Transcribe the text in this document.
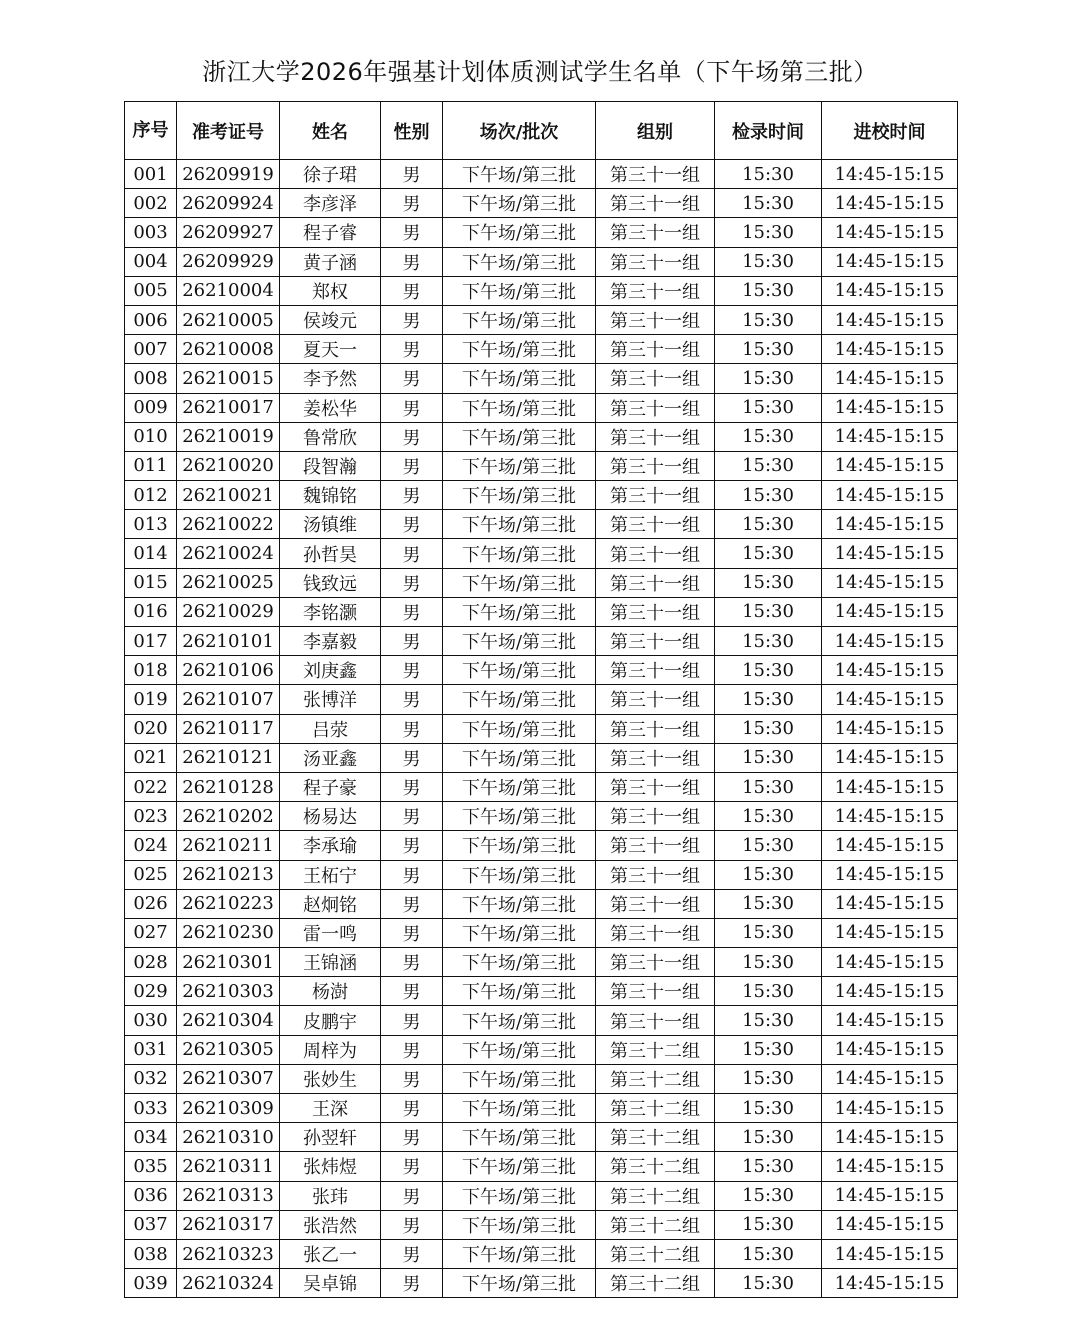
浙江大学2026年强基计划体质测试学生名单（下午场第三批）
序号	准考证号	姓名	性别	场次/批次	组别	检录时间	进校时间
001	26209919	徐子珺	男	下午场/第三批	第三十一组	15:30	14:45-15:15
002	26209924	李彦泽	男	下午场/第三批	第三十一组	15:30	14:45-15:15
003	26209927	程子睿	男	下午场/第三批	第三十一组	15:30	14:45-15:15
004	26209929	黄子涵	男	下午场/第三批	第三十一组	15:30	14:45-15:15
005	26210004	郑权	男	下午场/第三批	第三十一组	15:30	14:45-15:15
006	26210005	侯竣元	男	下午场/第三批	第三十一组	15:30	14:45-15:15
007	26210008	夏天一	男	下午场/第三批	第三十一组	15:30	14:45-15:15
008	26210015	李予然	男	下午场/第三批	第三十一组	15:30	14:45-15:15
009	26210017	姜松华	男	下午场/第三批	第三十一组	15:30	14:45-15:15
010	26210019	鲁常欣	男	下午场/第三批	第三十一组	15:30	14:45-15:15
011	26210020	段智瀚	男	下午场/第三批	第三十一组	15:30	14:45-15:15
012	26210021	魏锦铭	男	下午场/第三批	第三十一组	15:30	14:45-15:15
013	26210022	汤镇维	男	下午场/第三批	第三十一组	15:30	14:45-15:15
014	26210024	孙哲昊	男	下午场/第三批	第三十一组	15:30	14:45-15:15
015	26210025	钱致远	男	下午场/第三批	第三十一组	15:30	14:45-15:15
016	26210029	李铭灏	男	下午场/第三批	第三十一组	15:30	14:45-15:15
017	26210101	李嘉毅	男	下午场/第三批	第三十一组	15:30	14:45-15:15
018	26210106	刘庚鑫	男	下午场/第三批	第三十一组	15:30	14:45-15:15
019	26210107	张博洋	男	下午场/第三批	第三十一组	15:30	14:45-15:15
020	26210117	吕荥	男	下午场/第三批	第三十一组	15:30	14:45-15:15
021	26210121	汤亚鑫	男	下午场/第三批	第三十一组	15:30	14:45-15:15
022	26210128	程子豪	男	下午场/第三批	第三十一组	15:30	14:45-15:15
023	26210202	杨易达	男	下午场/第三批	第三十一组	15:30	14:45-15:15
024	26210211	李承瑜	男	下午场/第三批	第三十一组	15:30	14:45-15:15
025	26210213	王柘宁	男	下午场/第三批	第三十一组	15:30	14:45-15:15
026	26210223	赵炯铭	男	下午场/第三批	第三十一组	15:30	14:45-15:15
027	26210230	雷一鸣	男	下午场/第三批	第三十一组	15:30	14:45-15:15
028	26210301	王锦涵	男	下午场/第三批	第三十一组	15:30	14:45-15:15
029	26210303	杨澍	男	下午场/第三批	第三十一组	15:30	14:45-15:15
030	26210304	皮鹏宇	男	下午场/第三批	第三十一组	15:30	14:45-15:15
031	26210305	周梓为	男	下午场/第三批	第三十二组	15:30	14:45-15:15
032	26210307	张妙生	男	下午场/第三批	第三十二组	15:30	14:45-15:15
033	26210309	王深	男	下午场/第三批	第三十二组	15:30	14:45-15:15
034	26210310	孙翌轩	男	下午场/第三批	第三十二组	15:30	14:45-15:15
035	26210311	张炜煜	男	下午场/第三批	第三十二组	15:30	14:45-15:15
036	26210313	张玮	男	下午场/第三批	第三十二组	15:30	14:45-15:15
037	26210317	张浩然	男	下午场/第三批	第三十二组	15:30	14:45-15:15
038	26210323	张乙一	男	下午场/第三批	第三十二组	15:30	14:45-15:15
039	26210324	吴卓锦	男	下午场/第三批	第三十二组	15:30	14:45-15:15
